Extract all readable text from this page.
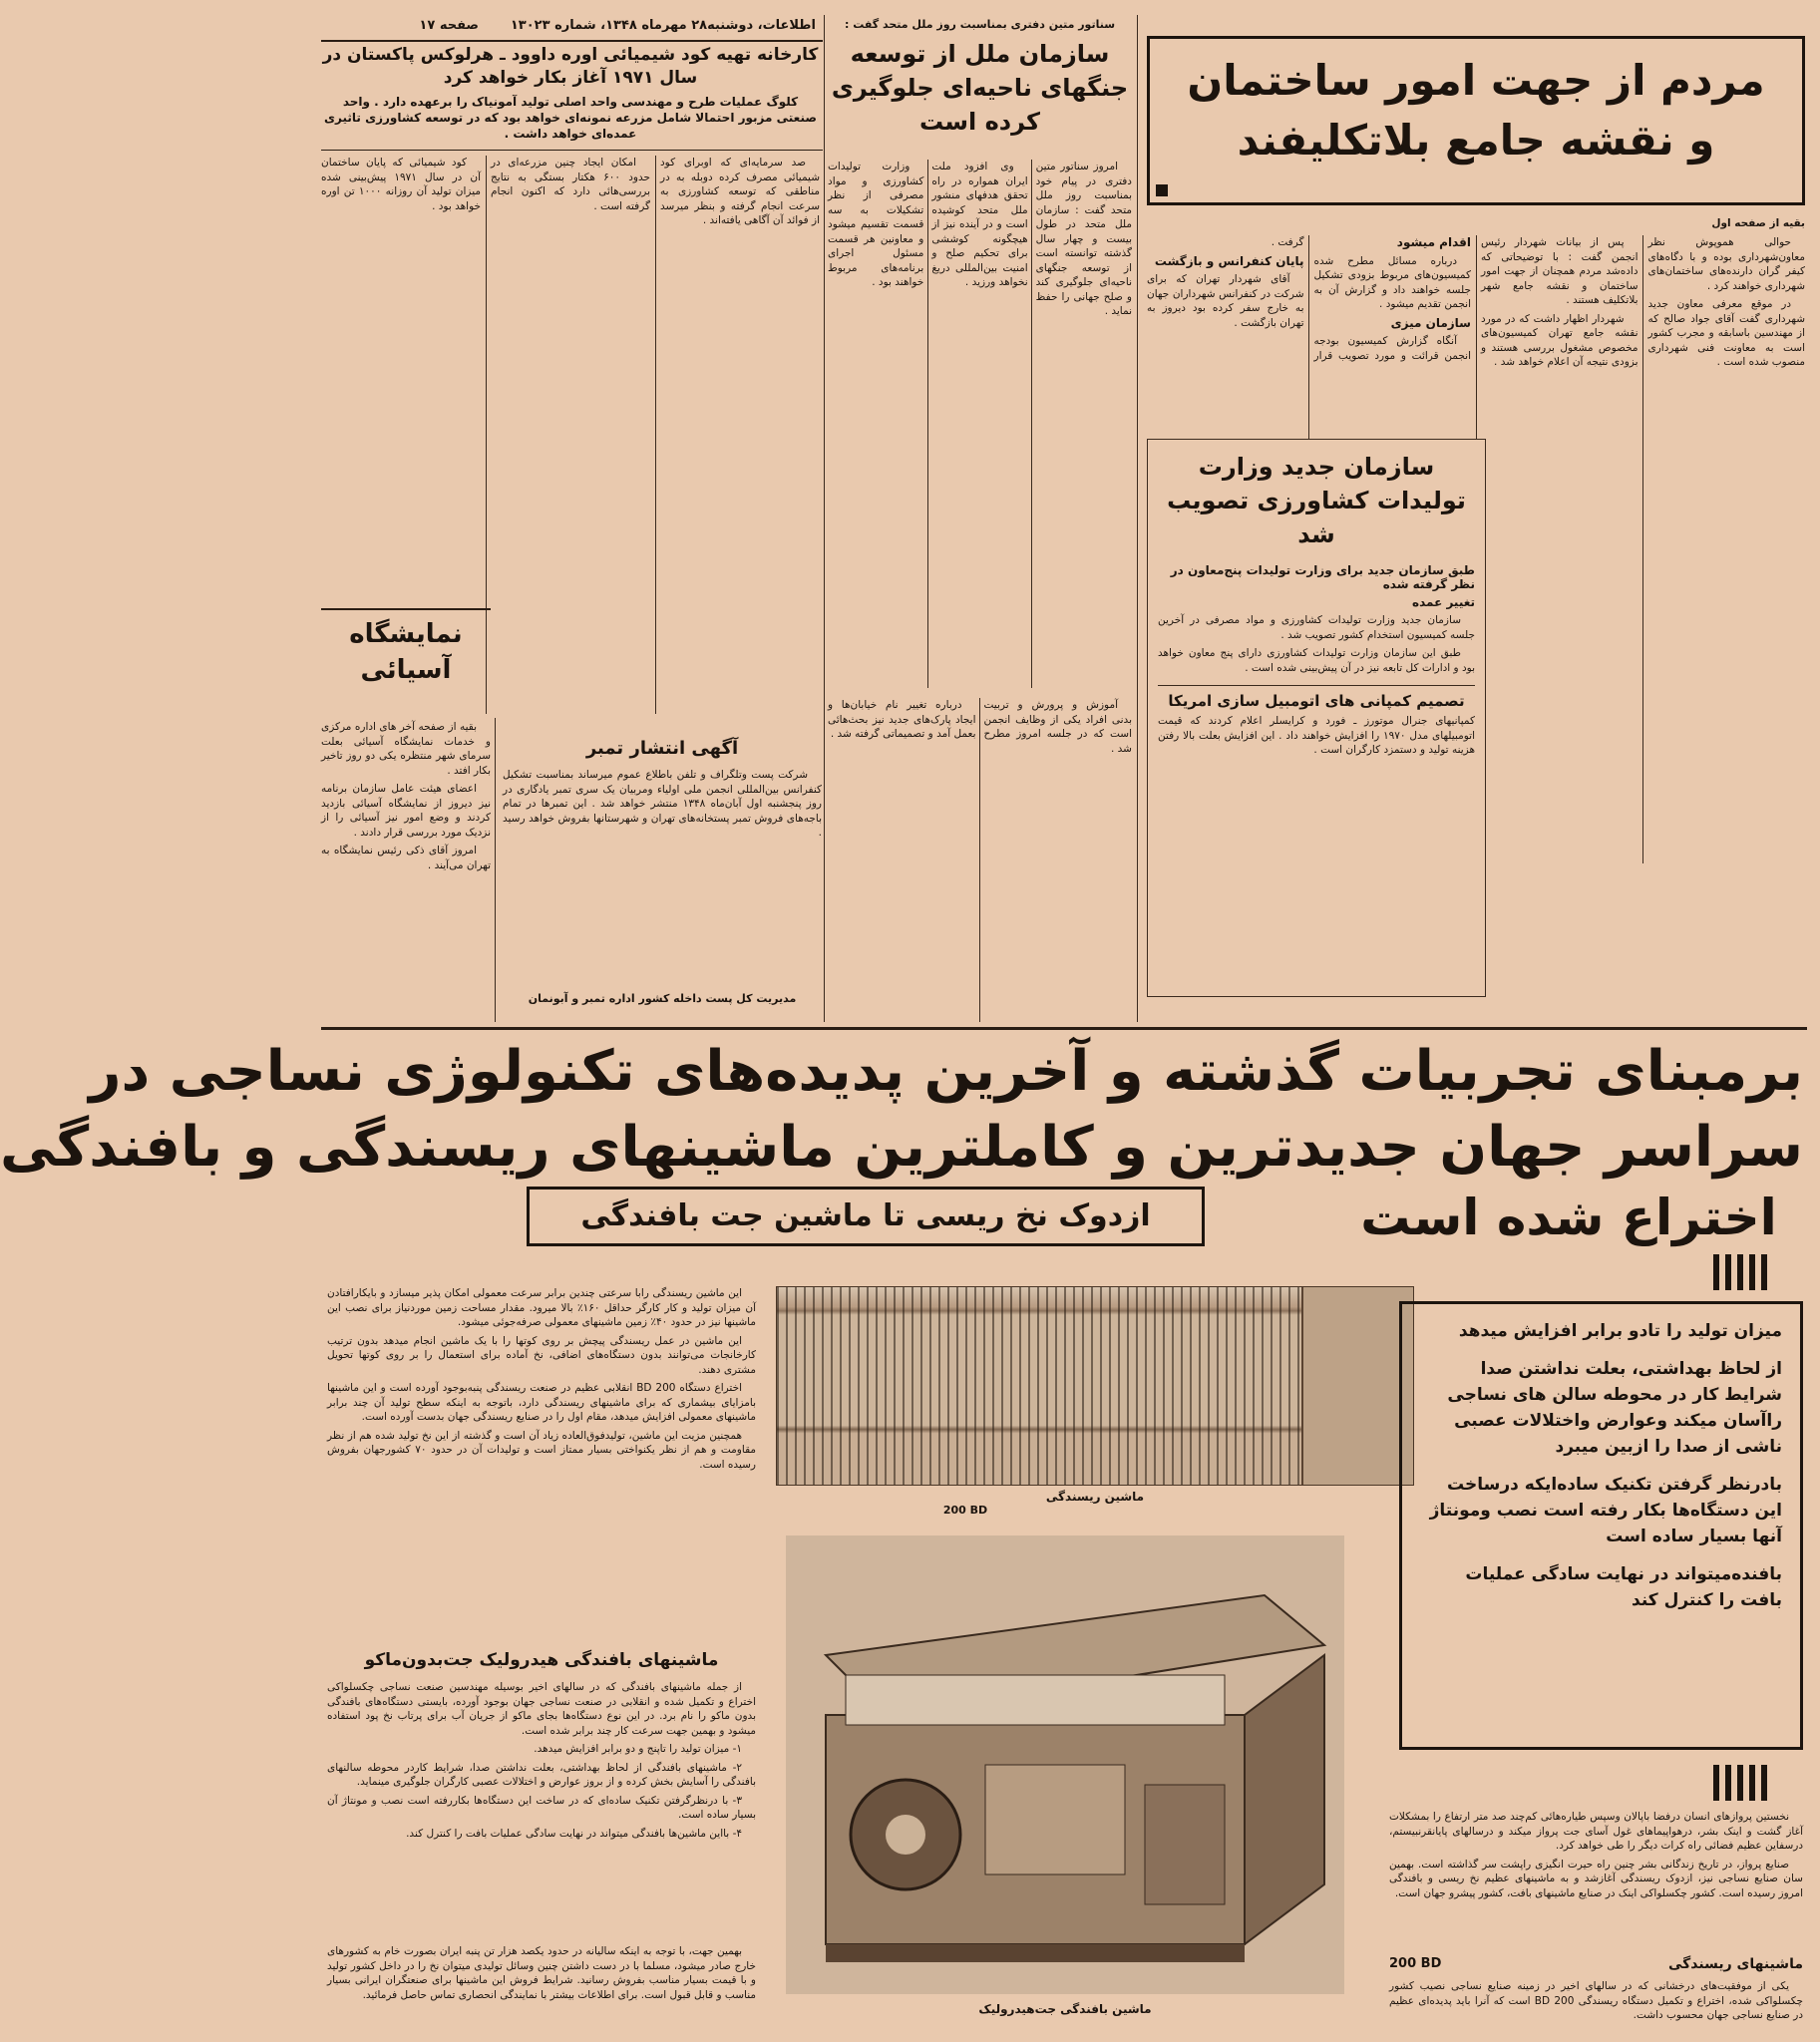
صفحه ۱۷ اطلاعات، دوشنبه۲۸ مهرماه ۱۳۴۸، شماره ۱۳۰۲۳
کارخانه تهیه کود شیمیائی اوره داوود ـ هرلوکس پاکستان در سال ۱۹۷۱ آغاز بکار خواهد کرد
کلوگ عملیات طرح و مهندسی واحد اصلی تولید آمونیاک را برعهده دارد . واحد صنعتی مزبور احتمالا شامل مزرعه نمونه‌ای خواهد بود که در توسعه کشاورزی تاثیری عمده‌ای خواهد داشت .

صد سرمایه‌ای که اوبرای کود شیمیائی مصرف کرده دوبله به در مناطقی که توسعه کشاورزی به سرعت انجام گرفته و بنظر میرسد از فوائد آن آگاهی یافته‌اند .

امکان ایجاد چنین مزرعه‌ای در حدود ۶۰۰ هکتار بستگی به نتایج بررسی‌هائی دارد که اکنون انجام گرفته است .

کود شیمیائی که پایان ساختمان آن در سال ۱۹۷۱ پیش‌بینی شده میزان تولید آن روزانه ۱۰۰۰ تن اوره خواهد بود .

نمایشگاه آسیائی

بقیه از صفحه آخر های اداره مرکزی و خدمات نمایشگاه آسیائی بعلت سرمای شهر منتظره یکی دو روز تاخیر بکار افتد .

اعضای هیئت عامل سازمان برنامه نیز دیروز از نمایشگاه آسیائی بازدید کردند و وضع امور نیز آسیائی را از نزدیک مورد بررسی قرار دادند .

امروز آقای ذکی رئیس نمایشگاه به تهران می‌آیند .

آگهی انتشار تمبر

شرکت پست وتلگراف و تلفن باطلاع عموم میرساند بمناسبت تشکیل کنفرانس بین‌المللی انجمن ملی اولیاء ومربیان یک سری تمبر یادگاری در روز پنجشنبه اول آبان‌ماه ۱۳۴۸ منتشر خواهد شد . این تمبرها در تمام باجه‌های فروش تمبر پستخانه‌های تهران و شهرستانها بفروش خواهد رسید .

مدیریت کل پست داخله کشور اداره تمبر و آبونمان
سناتور متین دفتری بمناسبت روز ملل متحد گفت :
سازمان ملل از توسعه جنگهای ناحیه‌ای جلوگیری کرده است

امروز سناتور متین دفتری در پیام خود بمناسبت روز ملل متحد گفت : سازمان ملل متحد در طول بیست و چهار سال گذشته توانسته است از توسعه جنگهای ناحیه‌ای جلوگیری کند و صلح جهانی را حفظ نماید .

وی افزود ملت ایران همواره در راه تحقق هدفهای منشور ملل متحد کوشیده است و در آینده نیز از هیچگونه کوششی برای تحکیم صلح و امنیت بین‌المللی دریغ نخواهد ورزید .

وزارت تولیدات کشاورزی و مواد مصرفی از نظر تشکیلات به سه قسمت تقسیم میشود و معاونین هر قسمت مسئول اجرای برنامه‌های مربوط خواهند بود .

آموزش و پرورش و تربیت بدنی افراد یکی از وظایف انجمن است که در جلسه امروز مطرح شد .

درباره تغییر نام خیابان‌ها و ایجاد پارک‌های جدید نیز بحث‌هائی بعمل آمد و تصمیماتی گرفته شد .

مردم از جهت امور ساختمان
و نقشه جامع بلاتکلیفند
بقیه از صفحه اول

حوالی هموپوش نظر معاون‌شهرداری بوده و با دگاه‌های کیفر گران دارنده‌های ساختمان‌های شهرداری خواهند کرد .

در موقع معرفی معاون جدید شهرداری گفت آقای جواد صالح که از مهندسین باسابقه و مجرب کشور است به معاونت فنی شهرداری منصوب شده است .

پس از بیانات شهردار رئیس انجمن گفت : با توضیحاتی که داده‌شد مردم همچنان از جهت امور ساختمان و نقشه جامع شهر بلاتکلیف هستند .

شهردار اظهار داشت که در مورد نقشه جامع تهران کمیسیون‌های مخصوص مشغول بررسی هستند و بزودی نتیجه آن اعلام خواهد شد .

اقدام میشود

درباره مسائل مطرح شده کمیسیون‌های مربوط بزودی تشکیل جلسه خواهند داد و گزارش آن به انجمن تقدیم میشود .

سازمان میزی

آنگاه گزارش کمیسیون بودجه انجمن قرائت و مورد تصویب قرار گرفت .

پایان کنفرانس و بازگشت

آقای شهردار تهران که برای شرکت در کنفرانس شهرداران جهان به خارج سفر کرده بود دیروز به تهران بازگشت .

سازمان جدید وزارت تولیدات کشاورزی تصویب شد
طبق سازمان جدید برای وزارت تولیدات پنج‌معاون در نظر گرفته شده
تغییر عمده

سازمان جدید وزارت تولیدات کشاورزی و مواد مصرفی در آخرین جلسه کمیسیون استخدام کشور تصویب شد .

طبق این سازمان وزارت تولیدات کشاورزی دارای پنج معاون خواهد بود و ادارات کل تابعه نیز در آن پیش‌بینی شده است .

تصمیم کمپانی های اتومبیل سازی امریکا
کمپانیهای جنرال موتورز ـ فورد و کرایسلر اعلام کردند که قیمت اتومبیلهای مدل ۱۹۷۰ را افزایش خواهند داد . این افزایش بعلت بالا رفتن هزینه تولید و دستمزد کارگران است .
برمبنای تجربیات گذشته و آخرین پدیده‌های تکنولوژی نساجی در
سراسر جهان جدیدترین و کاملترین ماشینهای ریسندگی و بافندگی
اختراع شده است
ازدوک نخ ریسی تا ماشین جت بافندگی

این ماشین ریسندگی رابا سرعتی چندین برابر سرعت معمولی امکان پذیر میسازد و بایکارافتادن آن میزان تولید و کار کارگر حداقل ۱۶۰٪ بالا میرود. مقدار مساحت زمین موردنیاز برای نصب این ماشینها نیز در حدود ۴۰٪ زمین ماشینهای معمولی صرفه‌جوئی میشود.

این ماشین در عمل ریسندگی پیچش بر روی کوتها را با یک ماشین انجام میدهد بدون ترتیب کارخانجات می‌توانند بدون دستگاه‌های اضافی، نخ آماده برای استعمال را بر روی کوتها تحویل مشتری دهند.

اختراع دستگاه 200 BD انقلابی عظیم در صنعت ریسندگی پنبه‌بوجود آورده است و این ماشینها بامزایای بیشماری که برای ماشینهای ریسندگی دارد، باتوجه به اینکه سطح تولید آن چند برابر ماشینهای معمولی افزایش میدهد، مقام اول را در صنایع ریسندگی جهان بدست آورده است.

همچنین مزیت این ماشین، تولیدفوق‌العاده زیاد آن است و گذشته از این نخ تولید شده هم از نظر مقاومت و هم از نظر یکنواختی بسیار ممتاز است و تولیدات آن در حدود ۷۰ کشورجهان بفروش رسیده است.

ماشینهای بافندگی هیدرولیک جت‌بدون‌ماکو

از جمله ماشینهای بافندگی که در سالهای اخیر بوسیله مهندسین صنعت نساجی چکسلواکی اختراع و تکمیل شده و انقلابی در صنعت نساجی جهان بوجود آورده، بایستی دستگاه‌های بافندگی بدون ماکو را نام برد. در این نوع دستگاه‌ها بجای ماکو از جریان آب برای پرتاب نخ پود استفاده میشود و بهمین جهت سرعت کار چند برابر شده است.

۱- میزان تولید را تاپنج و دو برابر افزایش میدهد.

۲- ماشینهای بافندگی از لحاظ بهداشتی، بعلت نداشتن صدا، شرایط کاردر محوطه سالنهای بافندگی را آسایش بخش کرده و از بروز عوارض و اختلالات عصبی کارگران جلوگیری مینماید.

۳- با درنظرگرفتن تکنیک ساده‌ای که در ساخت این دستگاه‌ها بکاررفته است نصب و مونتاژ آن بسیار ساده است.

۴- بااین ماشین‌ها بافندگی میتواند در نهایت سادگی عملیات بافت را کنترل کند.

بهمین جهت، با توجه به اینکه سالیانه در حدود یکصد هزار تن پنبه ایران بصورت خام به کشورهای خارج صادر میشود، مسلما با در دست داشتن چنین وسائل تولیدی میتوان نخ را در داخل کشور تولید و با قیمت بسیار مناسب بفروش رسانید. شرایط فروش این ماشینها برای صنعتگران ایرانی بسیار مناسب و قابل قبول است. برای اطلاعات بیشتر با نمایندگی انحصاری تماس حاصل فرمائید.

ماشین ریسندگی
200 BD
ماشین بافندگی جت‌هیدرولیک
میزان تولید را تادو برابر افزایش میدهد
از لحاظ بهداشتی، بعلت نداشتن صدا شرایط کار در محوطه سالن های نساجی راآسان میکند وعوارض واختلالات عصبی ناشی از صدا را ازبین میبرد
بادرنظر گرفتن تکنیک ساده‌ایکه درساخت این دستگاه‌ها بکار رفته است نصب ومونتاژ آنها بسیار ساده است
بافنده‌میتواند در نهایت سادگی عملیات بافت را کنترل کند

نخستین پروازهای انسان درفضا باپالان وسپس طیاره‌هائی کم‌چند صد متر ارتفاع را بمشکلات آغاز گشت و اینک بشر، درهواپیماهای غول آسای جت پرواز میکند و درسالهای پایانقرنبیستم، درسفاین عظیم فضائی راه کرات دیگر را طی خواهد کرد.

صنایع پرواز، در تاریخ زندگانی بشر چنین راه حیرت انگیزی راپشت سر گذاشته است. بهمین سان صنایع نساجی نیز، ازدوک ریسندگی آغازشد و به ماشینهای عظیم نخ ریسی و بافندگی امروز رسیده است. کشور چکسلواکی اینک در صنایع ماشینهای بافت، کشور پیشرو جهان است.

200 BD	ماشینهای ریسندگی

یکی از موفقیت‌های درخشانی که در سالهای اخیر در زمینه صنایع نساجی نصیب کشور چکسلواکی شده، اختراع و تکمیل دستگاه ریسندگی 200 BD است که آنرا باید پدیده‌ای عظیم در صنایع نساجی جهان محسوب داشت.
